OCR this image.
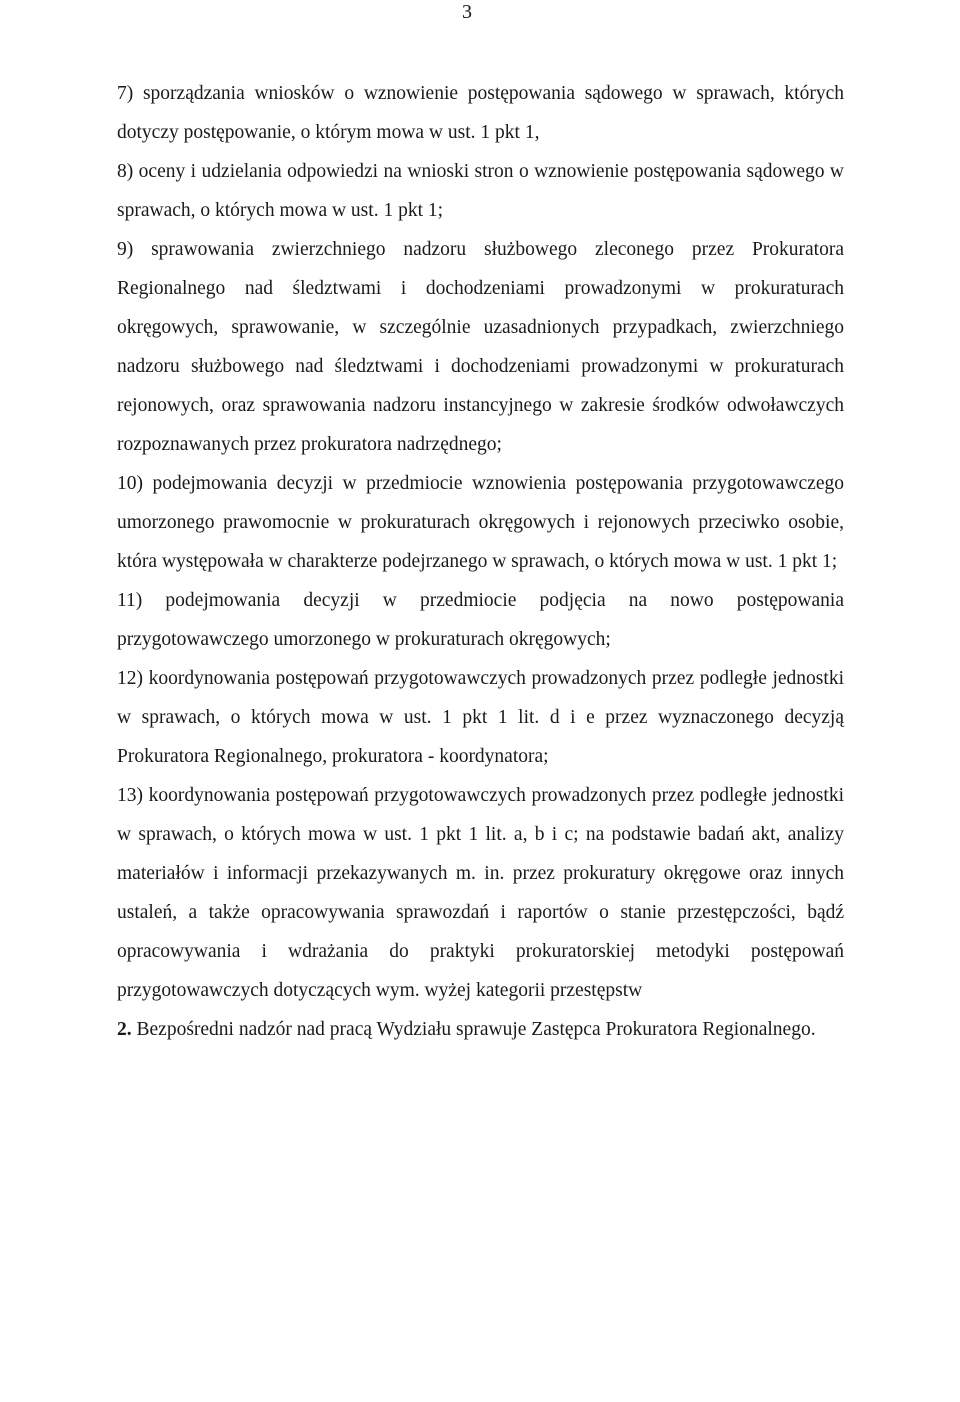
3

7) sporządzania wniosków o wznowienie postępowania sądowego w sprawach, których dotyczy postępowanie, o którym mowa w ust. 1 pkt 1,

8) oceny i udzielania odpowiedzi na wnioski stron o wznowienie postępowania sądowego w sprawach, o których mowa w ust. 1 pkt 1;

9) sprawowania zwierzchniego nadzoru służbowego zleconego przez Prokuratora Regionalnego nad śledztwami i dochodzeniami prowadzonymi w prokuraturach okręgowych, sprawowanie, w szczególnie uzasadnionych przypadkach, zwierzchniego nadzoru służbowego nad śledztwami i dochodzeniami prowadzonymi w prokuraturach rejonowych, oraz sprawowania nadzoru instancyjnego w zakresie środków odwoławczych rozpoznawanych przez prokuratora nadrzędnego;

10) podejmowania decyzji w przedmiocie wznowienia postępowania przygotowawczego umorzonego prawomocnie w prokuraturach okręgowych i rejonowych przeciwko osobie, która występowała w charakterze podejrzanego w sprawach, o których mowa w ust. 1 pkt 1;

11) podejmowania decyzji w przedmiocie podjęcia na nowo postępowania przygotowawczego umorzonego w prokuraturach okręgowych;

12) koordynowania postępowań przygotowawczych prowadzonych przez podległe jednostki w sprawach, o których mowa w ust. 1 pkt 1 lit. d i e przez wyznaczonego decyzją Prokuratora Regionalnego, prokuratora - koordynatora;

13) koordynowania postępowań przygotowawczych prowadzonych przez podległe jednostki w sprawach, o których mowa w ust. 1 pkt 1 lit. a, b i c; na podstawie badań akt, analizy materiałów i informacji przekazywanych m. in. przez prokuratury okręgowe oraz innych ustaleń, a także opracowywania sprawozdań i raportów o stanie przestępczości, bądź opracowywania i wdrażania do praktyki prokuratorskiej metodyki postępowań przygotowawczych dotyczących wym. wyżej kategorii przestępstw

2. Bezpośredni nadzór nad pracą Wydziału sprawuje Zastępca Prokuratora Regionalnego.
